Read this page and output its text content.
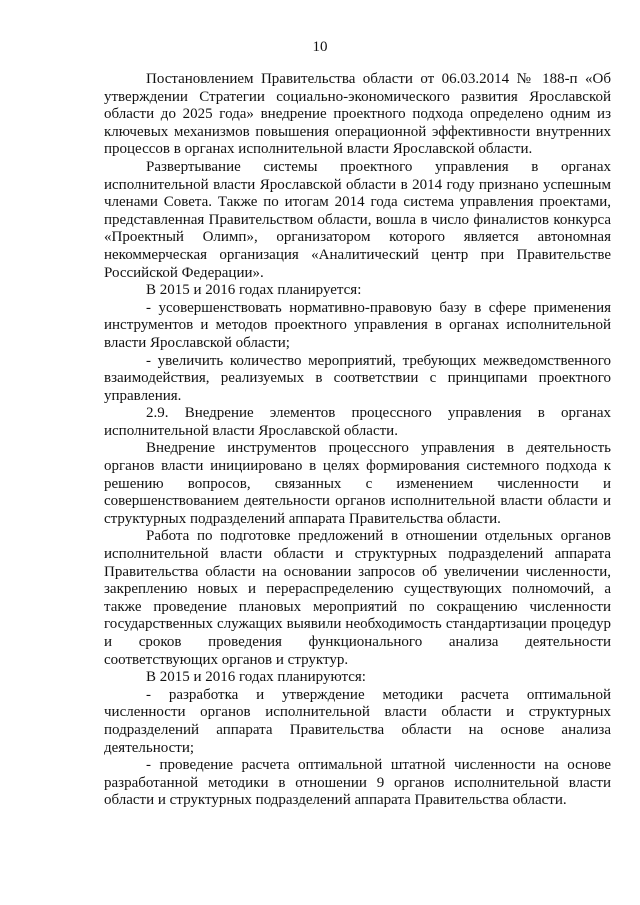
10

Постановлением Правительства области от 06.03.2014 № 188-п «Об утверждении Стратегии социально-экономического развития Ярославской области до 2025 года» внедрение проектного подхода определено одним из ключевых механизмов повышения операционной эффективности внутренних процессов в органах исполнительной власти Ярославской области.

Развертывание системы проектного управления в органах исполнительной власти Ярославской области в 2014 году признано успешным членами Совета. Также по итогам 2014 года система управления проектами, представленная Правительством области, вошла в число финалистов конкурса «Проектный Олимп», организатором которого является автономная некоммерческая организация «Аналитический центр при Правительстве Российской Федерации».

В 2015 и 2016 годах планируется:

- усовершенствовать нормативно-правовую базу в сфере применения инструментов и методов проектного управления в органах исполнительной власти Ярославской области;

- увеличить количество мероприятий, требующих межведомственного взаимодействия, реализуемых в соответствии с принципами проектного управления.

2.9. Внедрение элементов процессного управления в органах исполнительной власти Ярославской области.

Внедрение инструментов процессного управления в деятельность органов власти инициировано в целях формирования системного подхода к решению вопросов, связанных с изменением численности и совершенствованием деятельности органов исполнительной власти области и структурных подразделений аппарата Правительства области.

Работа по подготовке предложений в отношении отдельных органов исполнительной власти области и структурных подразделений аппарата Правительства области на основании запросов об увеличении численности, закреплению новых и перераспределению существующих полномочий, а также проведение плановых мероприятий по сокращению численности государственных служащих выявили необходимость стандартизации процедур и сроков проведения функционального анализа деятельности соответствующих органов и структур.

В 2015 и 2016 годах планируются:

- разработка и утверждение методики расчета оптимальной численности органов исполнительной власти области и структурных подразделений аппарата Правительства области на основе анализа деятельности;

- проведение расчета оптимальной штатной численности на основе разработанной методики в отношении 9 органов исполнительной власти области и структурных подразделений аппарата Правительства области.
